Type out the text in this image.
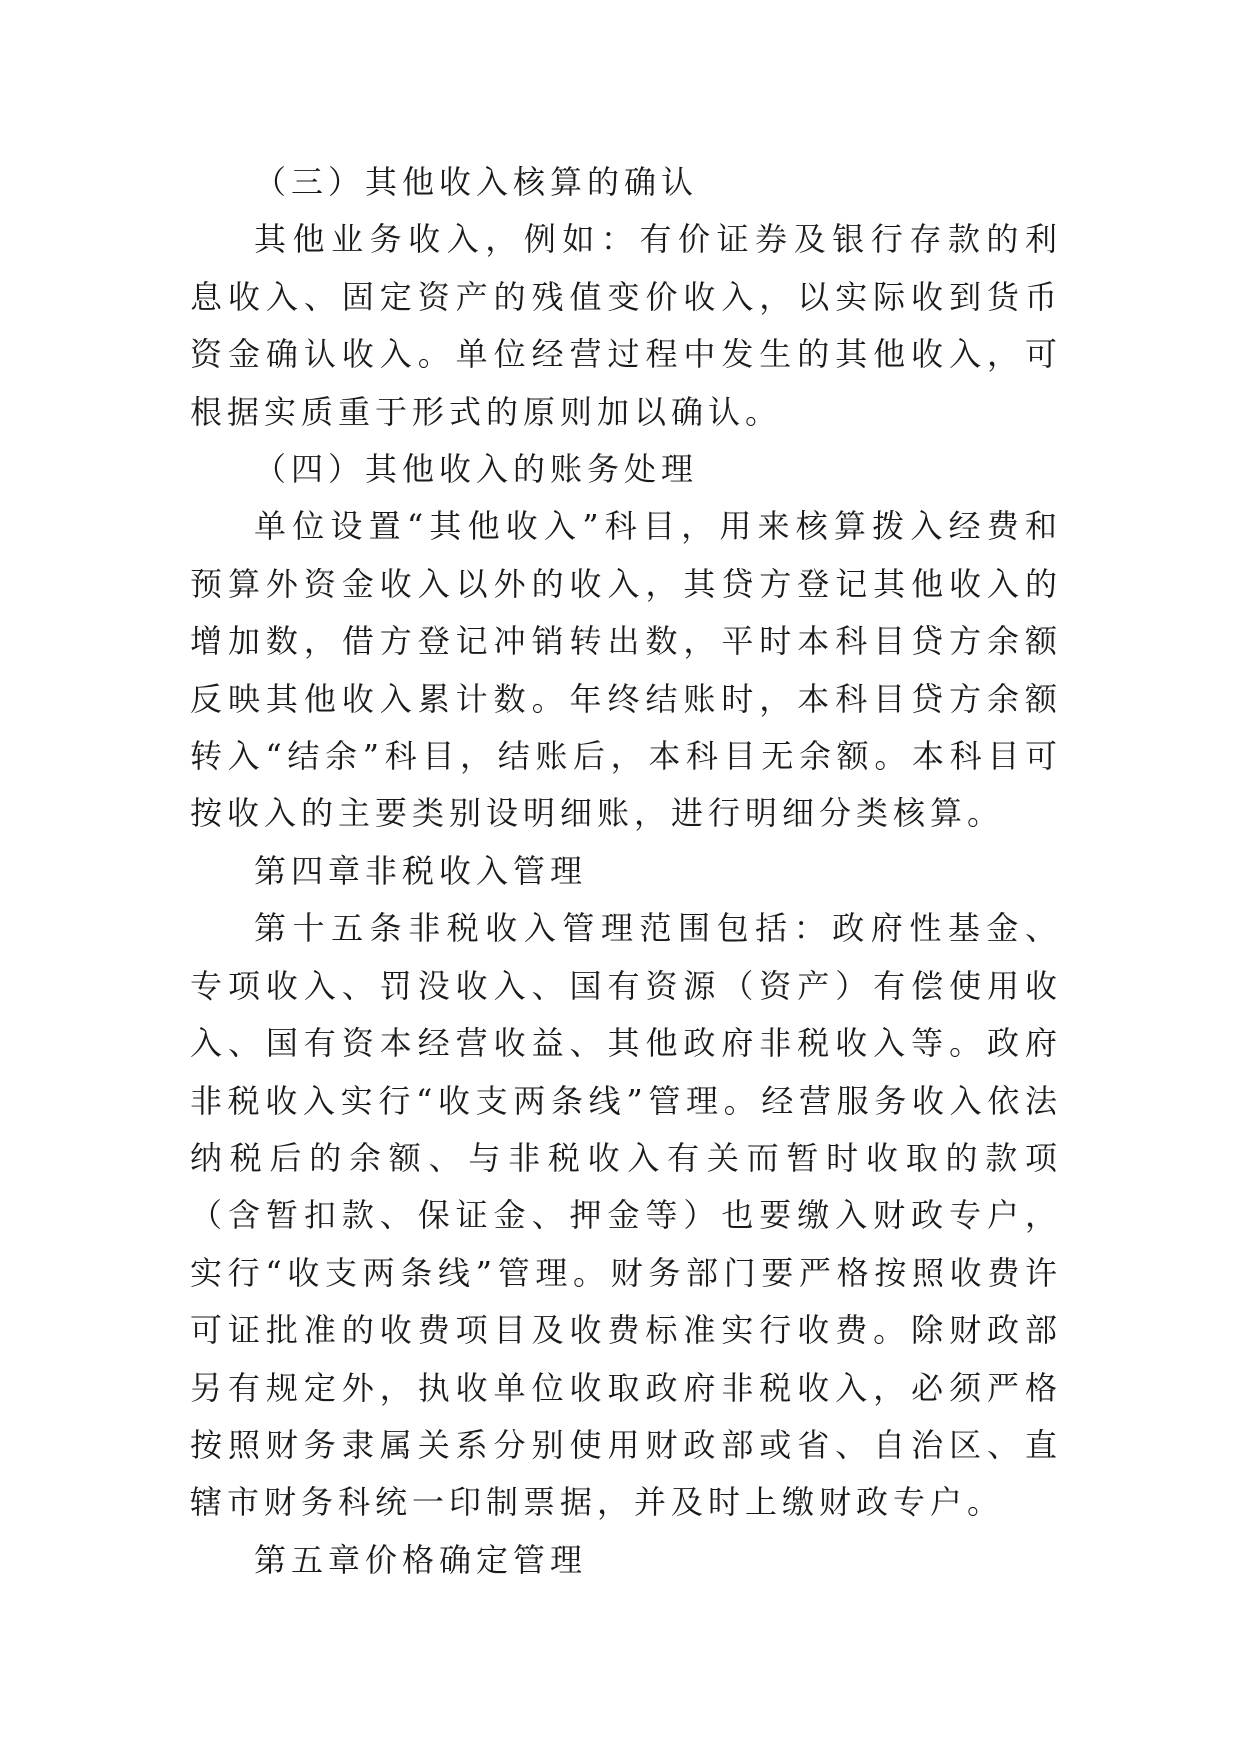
（三）其他收入核算的确认

其他业务收入，例如：有价证券及银行存款的利息收入、固定资产的残值变价收入，以实际收到货币资金确认收入。单位经营过程中发生的其他收入，可根据实质重于形式的原则加以确认。

（四）其他收入的账务处理

单位设置“其他收入”科目，用来核算拨入经费和预算外资金收入以外的收入，其贷方登记其他收入的增加数，借方登记冲销转出数，平时本科目贷方余额反映其他收入累计数。年终结账时，本科目贷方余额转入“结余”科目，结账后，本科目无余额。本科目可按收入的主要类别设明细账，进行明细分类核算。

第四章非税收入管理

第十五条非税收入管理范围包括：政府性基金、专项收入、罚没收入、国有资源（资产）有偿使用收入、国有资本经营收益、其他政府非税收入等。政府非税收入实行“收支两条线”管理。经营服务收入依法纳税后的余额、与非税收入有关而暂时收取的款项（含暂扣款、保证金、押金等）也要缴入财政专户，实行“收支两条线”管理。财务部门要严格按照收费许可证批准的收费项目及收费标准实行收费。除财政部另有规定外，执收单位收取政府非税收入，必须严格按照财务隶属关系分别使用财政部或省、自治区、直辖市财务科统一印制票据，并及时上缴财政专户。

第五章价格确定管理
